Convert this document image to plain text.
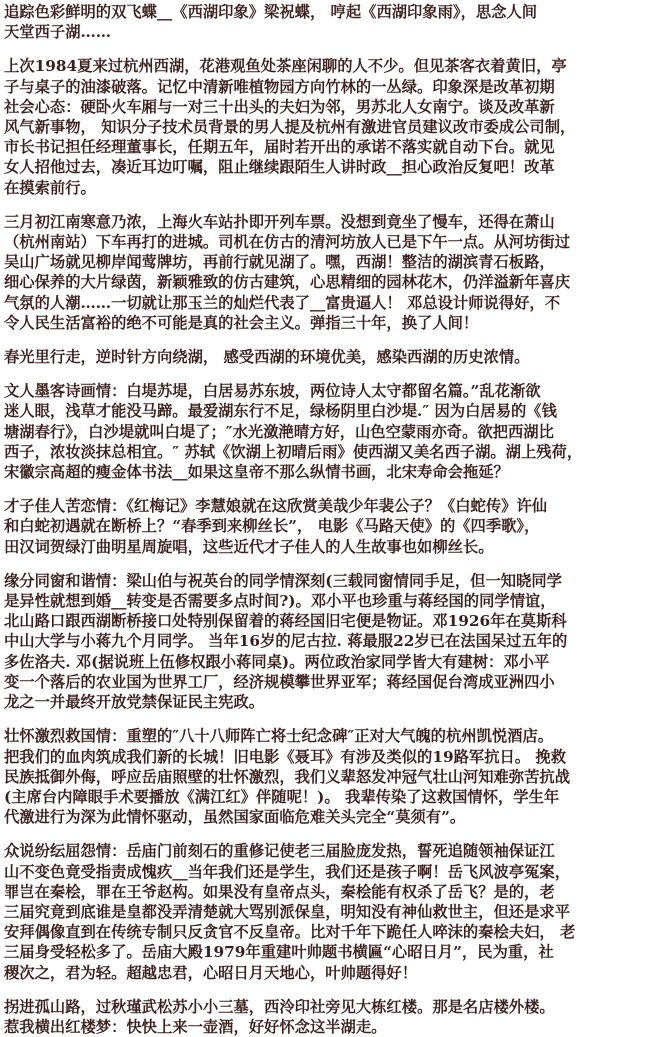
追踪色彩鲜明的双飞蝶__《西湖印象》梁祝蝶， 哼起《西湖印象雨》，思念人间
天堂西子湖……

上次1984夏来过杭州西湖，花港观鱼处茶座闲聊的人不少。但见茶客衣着黄旧，亭
子与桌子的油漆破落。记忆中清新唯植物园方向竹林的一丛绿。印象深是改革初期
社会心态：硬卧火车厢与一对三十出头的夫妇为邻，男苏北人女南宁。谈及改革新
风气新事物， 知识分子技术员背景的男人提及杭州有激进官员建议改市委成公司制，
市长书记担任经理董事长，任期五年，届时若开出的承诺不落实就自动下台。就见
女人招他过去，凑近耳边叮嘱，阻止继续跟陌生人讲时政__担心政治反复吧！改革
在摸索前行。

三月初江南寒意乃浓，上海火车站扑即开列车票。没想到竟坐了慢车，还得在萧山
（杭州南站）下车再打的进城。司机在仿古的清河坊放人已是下午一点。从河坊街过
吴山广场就见柳岸闻莺牌坊，再前行就见湖了。嘿，西湖！整洁的湖滨青石板路，
细心保养的大片绿茵，新颖雅致的仿古建筑，心思精细的园林花木，仍洋溢新年喜庆
气氛的人潮……一切就让那玉兰的灿烂代表了__富贵逼人！ 邓总设计师说得好，不
令人民生活富裕的绝不可能是真的社会主义。弹指三十年，换了人间！

春光里行走，逆时针方向绕湖， 感受西湖的环境优美，感染西湖的历史浓情。

文人墨客诗画情：白堤苏堤，白居易苏东坡，两位诗人太守都留名篇。”乱花渐欲
迷人眼，浅草才能没马蹄。最爱湖东行不足，绿杨阴里白沙堤.″ 因为白居易的《钱
塘湖春行》，白沙堤就叫白堤了；″水光潋滟晴方好，山色空蒙雨亦奇。欲把西湖比
西子，浓妆淡抹总相宜。″ 苏轼《饮湖上初晴后雨》使西湖又美名西子湖。湖上残荷，
宋徽宗高超的瘦金体书法__如果这皇帝不那么纵情书画，北宋寿命会拖延？

才子佳人苦恋情：《红梅记》李慧娘就在这欣赏美哉少年裴公子？《白蛇传》许仙
和白蛇初遇就在断桥上？“春季到来柳丝长”， 电影《马路天使》的《四季歌》，
田汉词贺绿汀曲明星周旋唱，这些近代才子佳人的人生故事也如柳丝长。

缘分同窗和谐情：梁山伯与祝英台的同学情深刻(三载同窗情同手足，但一知晓同学
是异性就想到婚__转变是否需要多点时间?)。邓小平也珍重与蒋经国的同学情谊，
北山路口跟西湖断桥接口处特别保留着的蒋经国旧宅便是物证。邓1926年在莫斯科
中山大学与小蒋九个月同学。 当年16岁的尼古拉. 蒋最服22岁已在法国呆过五年的
多佐洛夫. 邓(据说班上伍修权跟小蒋同桌)。两位政治家同学皆大有建树：邓小平
变一个落后的农业国为世界工厂，经济规模攀世界亚军；蒋经国促台湾成亚洲四小
龙之一并最终开放党禁保证民主宪政。

壮怀激烈救国情：重塑的″八十八师阵亡将士纪念碑″正对大气魄的杭州凯悦酒店。
把我们的血肉筑成我们新的长城！旧电影《聂耳》有涉及类似的19路军抗日。 挽救
民族抵御外侮，呼应岳庙照壁的壮怀激烈，我们义辈怒发冲冠气壮山河知难弥苦抗战
(主席台内障眼手术要播放《满江红》伴随呢！)。 我辈传染了这救国情怀，学生年
代激进行为深为此情怀驱动，虽然国家面临危难关头完全“莫须有”。

众说纷纭屈怨情：岳庙门前刻石的重修记使老三届脸庞发热，誓死追随领袖保证江
山不变色竟受指责成愧疚__当年我们还是学生，我们还是孩子啊！岳飞风波亭冤案，
罪岂在秦桧，罪在王爷赵构。如果没有皇帝点头，秦桧能有权杀了岳飞？是的，老
三届究竟到底谁是皇都没弄清楚就大骂别派保皇，明知没有神仙救世主，但还是求平
安拜偶像直到在传统专制只反贪官不反皇帝。比对千年下跪任人啐沫的秦桧夫妇， 老
三届身受轻松多了。岳庙大殿1979年重建叶帅题书横匾“心昭日月”，民为重，社
稷次之，君为轻。超越忠君，心昭日月天地心，叶帅题得好！

拐进孤山路，过秋瑾武松苏小小三墓，西泠印社旁见大栋红楼。那是名店楼外楼。
惹我横出红楼梦：快快上来一壶酒，好好怀念这半湖走。
